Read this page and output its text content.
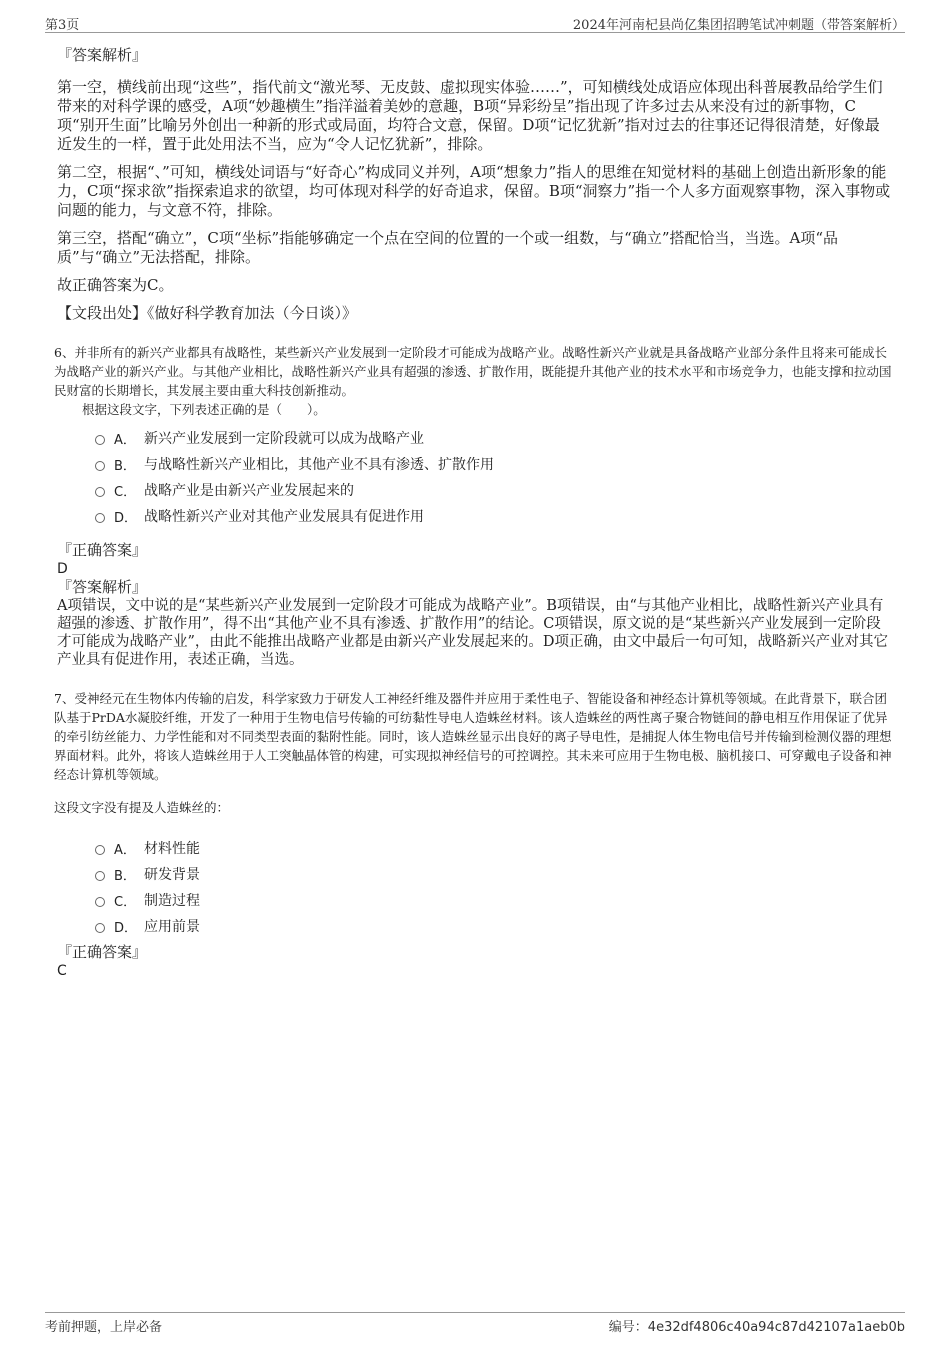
第3页	2024年河南杞县尚亿集团招聘笔试冲刺题（带答案解析）
『答案解析』

第一空，横线前出现“这些”，指代前文“激光琴、无皮鼓、虚拟现实体验……”，可知横线处成语应体现出科普展教品给学生们带来的对科学课的感受，A项“妙趣横生”指洋溢着美妙的意趣，B项“异彩纷呈”指出现了许多过去从来没有过的新事物，C项“别开生面”比喻另外创出一种新的形式或局面，均符合文意，保留。D项“记忆犹新”指对过去的往事还记得很清楚，好像最近发生的一样，置于此处用法不当，应为“令人记忆犹新”，排除。

第二空，根据“、”可知，横线处词语与“好奇心”构成同义并列，A项“想象力”指人的思维在知觉材料的基础上创造出新形象的能力，C项“探求欲”指探索追求的欲望，均可体现对科学的好奇追求，保留。B项“洞察力”指一个人多方面观察事物，深入事物或问题的能力，与文意不符，排除。

第三空，搭配“确立”，C项“坐标”指能够确定一个点在空间的位置的一个或一组数，与“确立”搭配恰当，当选。A项“品质”与“确立”无法搭配，排除。

故正确答案为C。

【文段出处】《做好科学教育加法（今日谈）》

6、并非所有的新兴产业都具有战略性，某些新兴产业发展到一定阶段才可能成为战略产业。战略性新兴产业就是具备战略产业部分条件且将来可能成长为战略产业的新兴产业。与其他产业相比，战略性新兴产业具有超强的渗透、扩散作用，既能提升其他产业的技术水平和市场竞争力，也能支撑和拉动国民财富的长期增长，其发展主要由重大科技创新推动。
根据这段文字，下列表述正确的是（　　）。
A． 新兴产业发展到一定阶段就可以成为战略产业
B． 与战略性新兴产业相比，其他产业不具有渗透、扩散作用
C． 战略产业是由新兴产业发展起来的
D． 战略性新兴产业对其他产业发展具有促进作用
『正确答案』
D
『答案解析』
A项错误，文中说的是“某些新兴产业发展到一定阶段才可能成为战略产业”。B项错误，由“与其他产业相比，战略性新兴产业具有超强的渗透、扩散作用”，得不出“其他产业不具有渗透、扩散作用”的结论。C项错误，原文说的是“某些新兴产业发展到一定阶段才可能成为战略产业”，由此不能推出战略产业都是由新兴产业发展起来的。D项正确，由文中最后一句可知，战略新兴产业对其它产业具有促进作用，表述正确，当选。
7、受神经元在生物体内传输的启发，科学家致力于研发人工神经纤维及器件并应用于柔性电子、智能设备和神经态计算机等领域。在此背景下，联合团队基于PrDA水凝胶纤维，开发了一种用于生物电信号传输的可纺黏性导电人造蛛丝材料。该人造蛛丝的两性离子聚合物链间的静电相互作用保证了优异的牵引纺丝能力、力学性能和对不同类型表面的黏附性能。同时，该人造蛛丝显示出良好的离子导电性，是捕捉人体生物电信号并传输到检测仪器的理想界面材料。此外，将该人造蛛丝用于人工突触晶体管的构建，可实现拟神经信号的可控调控。其未来可应用于生物电极、脑机接口、可穿戴电子设备和神经态计算机等领域。
这段文字没有提及人造蛛丝的：
A． 材料性能
B． 研发背景
C． 制造过程
D． 应用前景
『正确答案』
C
考前押题，上岸必备	编号：4e32df4806c40a94c87d42107a1aeb0b
